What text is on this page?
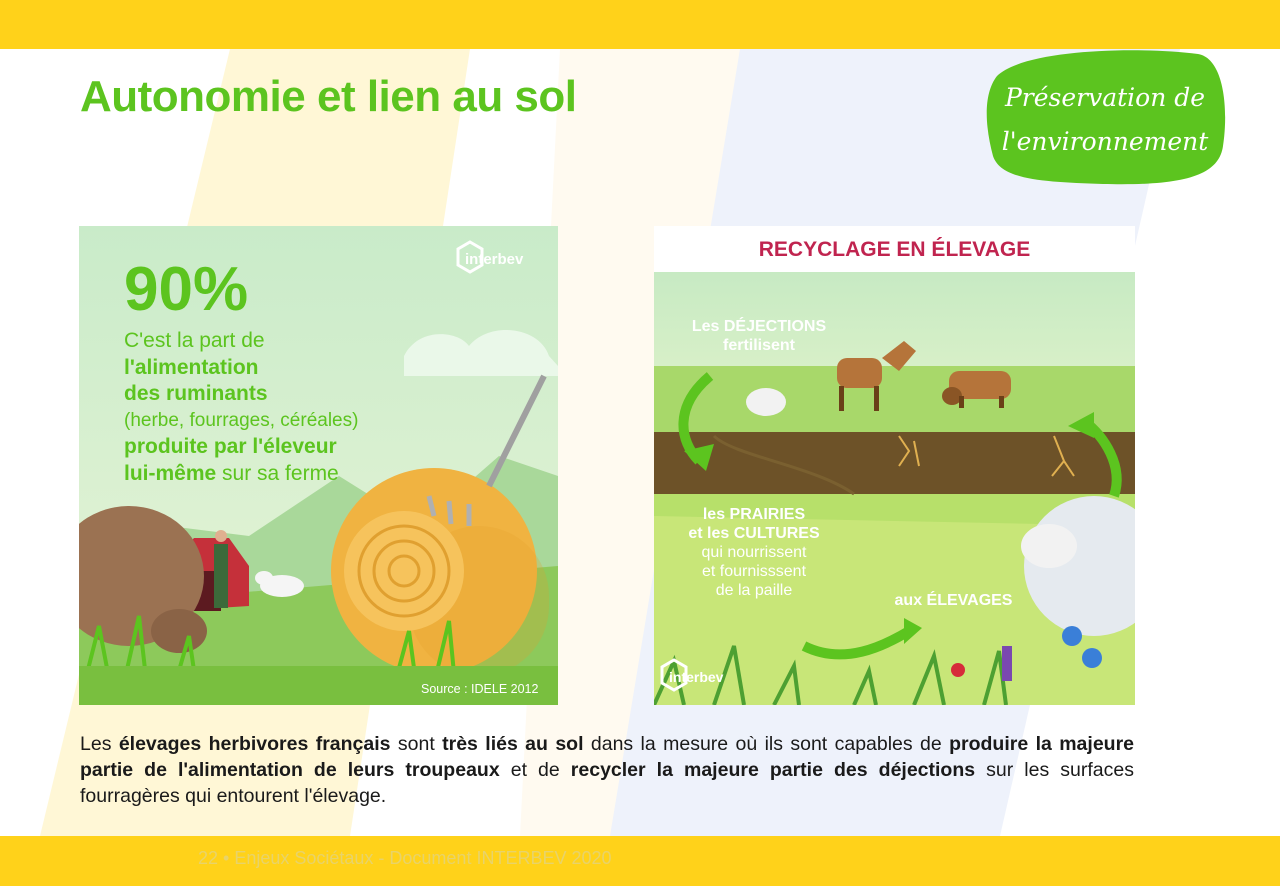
Autonomie et lien au sol	Préservation de
l'environnement
interbev
90%
C'est la part de
l'alimentation
des ruminants
(herbe, fourrages, céréales)
produite par l'éleveur
lui-même sur sa ferme
Source : IDELE 2012
RECYCLAGE EN ÉLEVAGE
Les DÉJECTIONS
fertilisent
les PRAIRIES
et les CULTURES
qui nourrissent
et fournisssent
de la paille
aux ÉLEVAGES
interbev

Les élevages herbivores français sont très liés au sol dans la mesure où ils sont capables de produire la majeure partie de l'alimentation de leurs troupeaux et de recycler la majeure partie des déjections sur les surfaces fourragères qui entourent l'élevage.

22 • Enjeux Sociétaux - Document INTERBEV 2020
